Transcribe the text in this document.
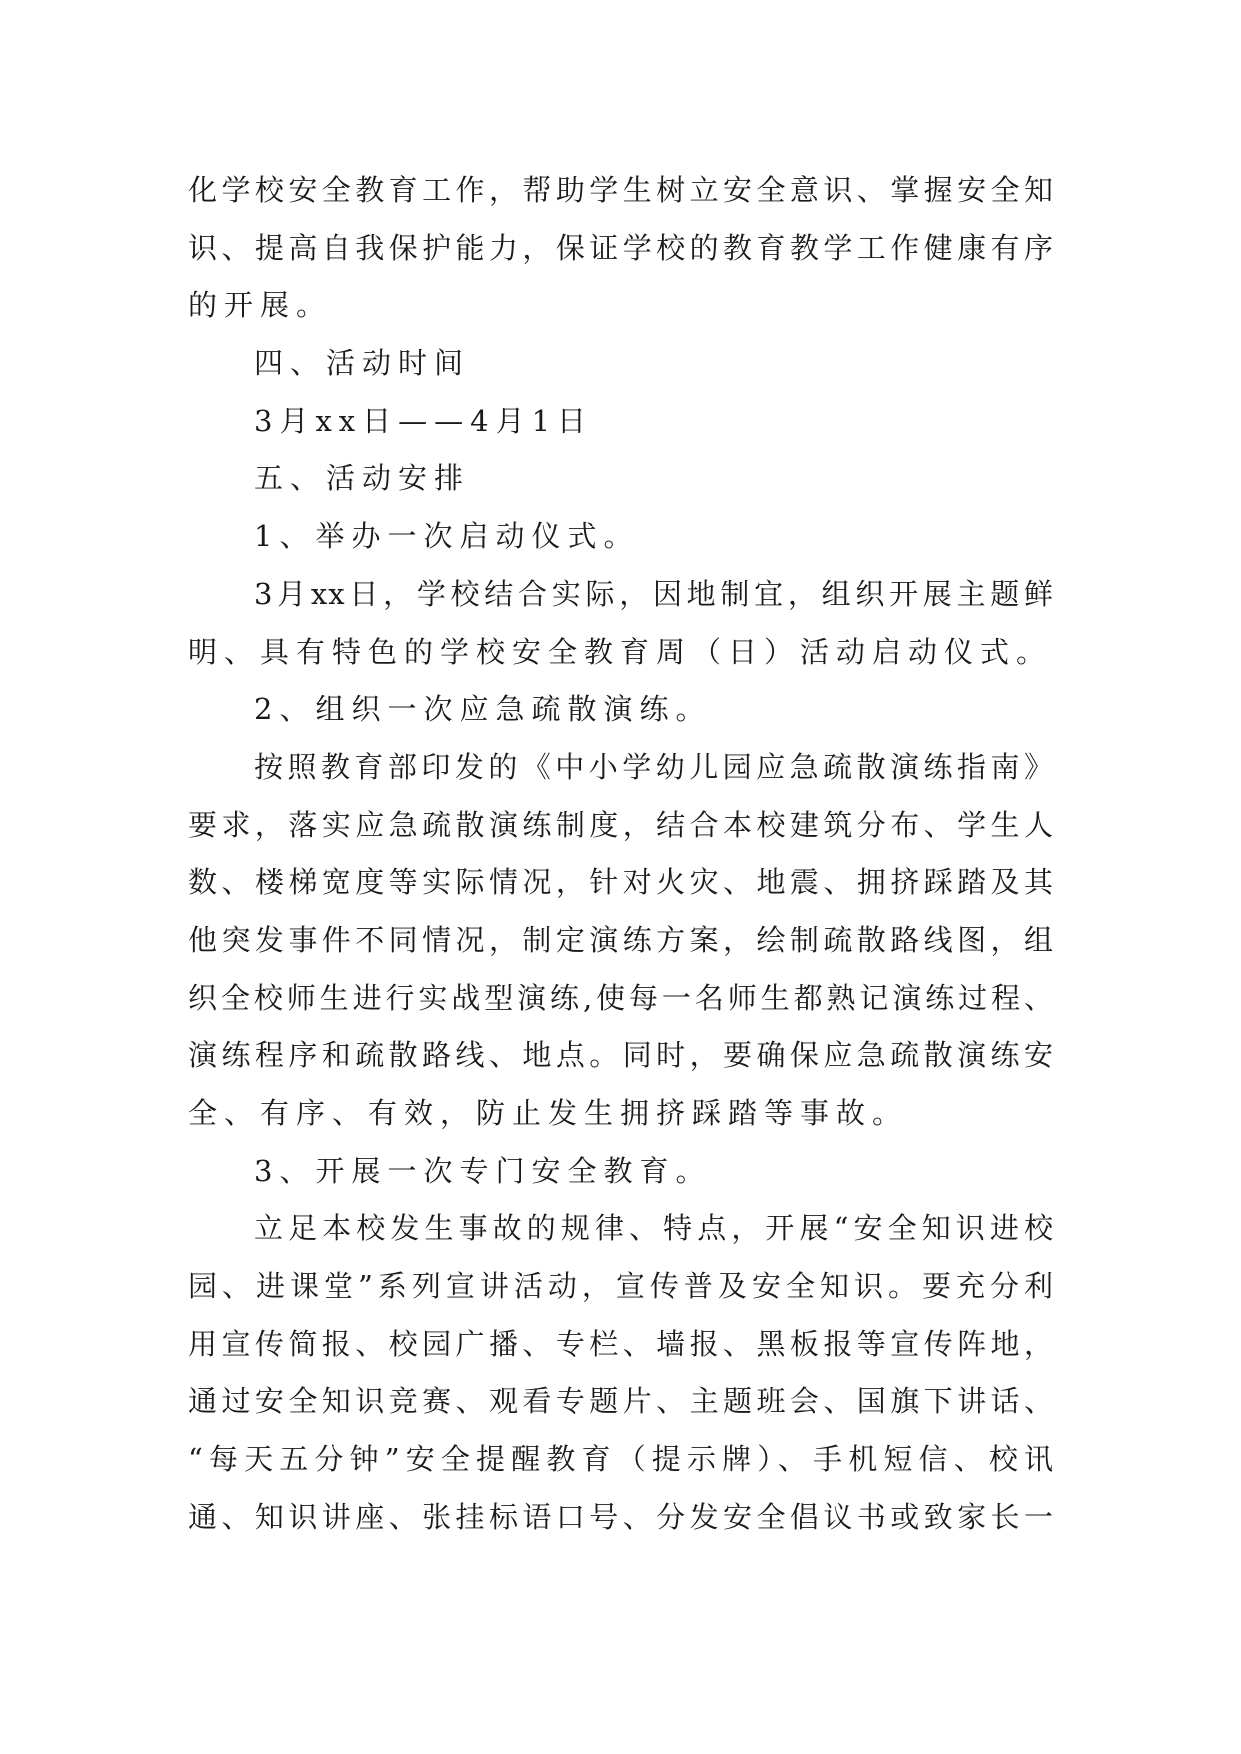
化学校安全教育工作，帮助学生树立安全意识、掌握安全知
识、提高自我保护能力，保证学校的教育教学工作健康有序
的开展。
四、活动时间
3月xx日——4月1日
五、活动安排
1、举办一次启动仪式。
3月xx日，学校结合实际，因地制宜，组织开展主题鲜
明、具有特色的学校安全教育周（日）活动启动仪式。
2、组织一次应急疏散演练。
按照教育部印发的《中小学幼儿园应急疏散演练指南》
要求，落实应急疏散演练制度，结合本校建筑分布、学生人
数、楼梯宽度等实际情况，针对火灾、地震、拥挤踩踏及其
他突发事件不同情况，制定演练方案，绘制疏散路线图，组
织全校师生进行实战型演练,使每一名师生都熟记演练过程、
演练程序和疏散路线、地点。同时，要确保应急疏散演练安
全、有序、有效，防止发生拥挤踩踏等事故。
3、开展一次专门安全教育。
立足本校发生事故的规律、特点，开展“安全知识进校
园、进课堂”系列宣讲活动，宣传普及安全知识。要充分利
用宣传简报、校园广播、专栏、墙报、黑板报等宣传阵地，
通过安全知识竞赛、观看专题片、主题班会、国旗下讲话、
“每天五分钟”安全提醒教育（提示牌）、手机短信、校讯
通、知识讲座、张挂标语口号、分发安全倡议书或致家长一
